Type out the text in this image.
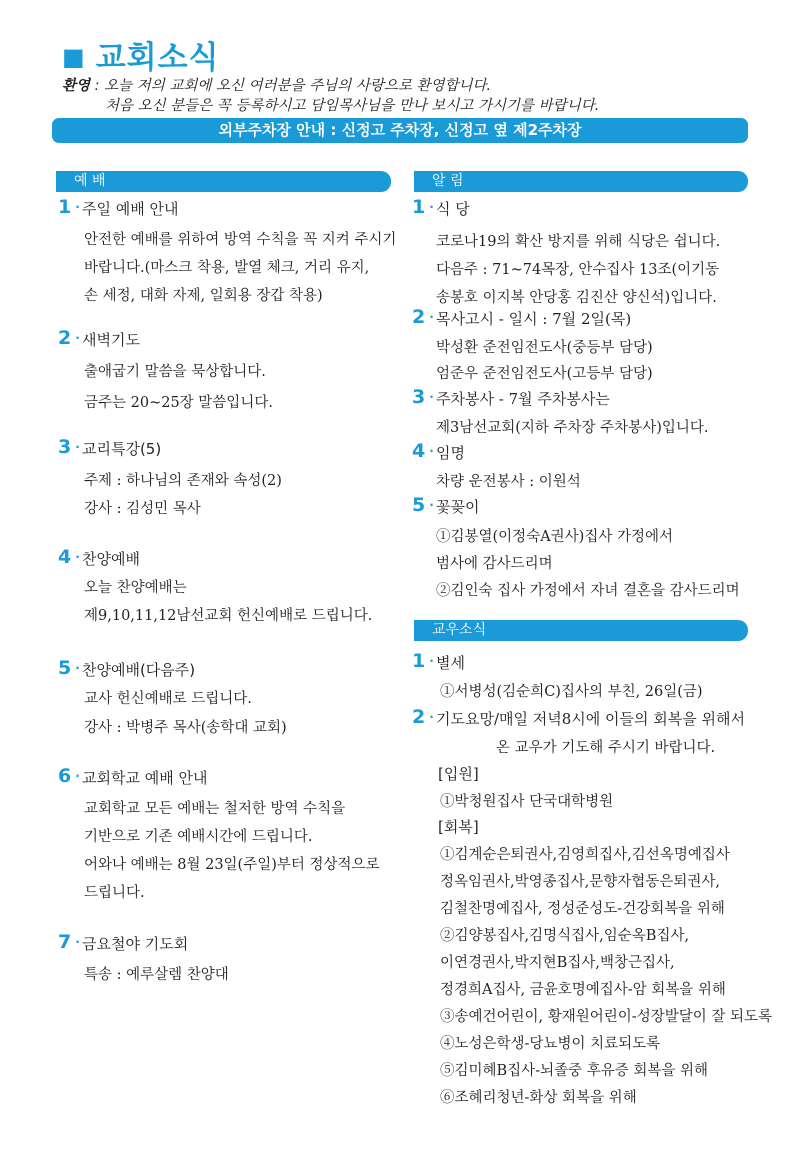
■ 교회소식
환영 : 오늘 저의 교회에 오신 여러분을 주님의 사랑으로 환영합니다.
처음 오신 분들은 꼭 등록하시고 담임목사님을 만나 보시고 가시기를 바랍니다.
외부주차장 안내 : 신정고 주차장, 신정고 옆 제2주차장
예 배	알 림
교우소식
1 · 주일 예배 안내
안전한 예배를 위하여 방역 수칙을 꼭 지켜 주시기
바랍니다.(마스크 착용, 발열 체크, 거리 유지,
손 세정, 대화 자제, 일회용 장갑 착용)
2 · 새벽기도
출애굽기 말씀을 묵상합니다.
금주는 20~25장 말씀입니다.
3 · 교리특강(5)
주제 : 하나님의 존재와 속성(2)
강사 : 김성민 목사
4 · 찬양예배
오늘 찬양예배는
제9,10,11,12남선교회 헌신예배로 드립니다.
5 · 찬양예배(다음주)
교사 헌신예배로 드립니다.
강사 : 박병주 목사(송학대 교회)
6 · 교회학교 예배 안내
교회학교 모든 예배는 철저한 방역 수칙을
기반으로 기존 예배시간에 드립니다.
어와나 예배는 8월 23일(주일)부터 정상적으로
드립니다.
7 · 금요철야 기도회
특송 : 예루살렘 찬양대
1 · 식 당
코로나19의 확산 방지를 위해 식당은 쉽니다.
다음주 : 71~74목장, 안수집사 13조(이기동
송봉호 이지복 안당홍 김진산 양신석)입니다.
2 · 목사고시 - 일시 : 7월 2일(목)
박성환 준전임전도사(중등부 담당)
엄준우 준전임전도사(고등부 담당)
3 · 주차봉사 - 7월 주차봉사는
제3남선교회(지하 주차장 주차봉사)입니다.
4 · 임명
차량 운전봉사 : 이원석
5 · 꽃꽂이
①김봉열(이정숙A권사)집사 가정에서
범사에 감사드리며
②김인숙 집사 가정에서 자녀 결혼을 감사드리며
1 · 별세
①서병성(김순희C)집사의 부친, 26일(금)
2 · 기도요망/매일 저녁8시에 이들의 회복을 위해서
온 교우가 기도해 주시기 바랍니다.
[입원]
①박청원집사 단국대학병원
[회복]
①김계순은퇴권사,김영희집사,김선옥명예집사
정옥임권사,박영종집사,문향자협동은퇴권사,
김철찬명예집사, 정성준성도-건강회복을 위해
②김양봉집사,김명식집사,임순옥B집사,
이연경권사,박지현B집사,백창근집사,
정경희A집사, 금윤호명예집사-암 회복을 위해
③송예건어린이, 황재원어린이-성장발달이 잘 되도록
④노성은학생-당뇨병이 치료되도록
⑤김미혜B집사-뇌졸중 후유증 회복을 위해
⑥조혜리청년-화상 회복을 위해
